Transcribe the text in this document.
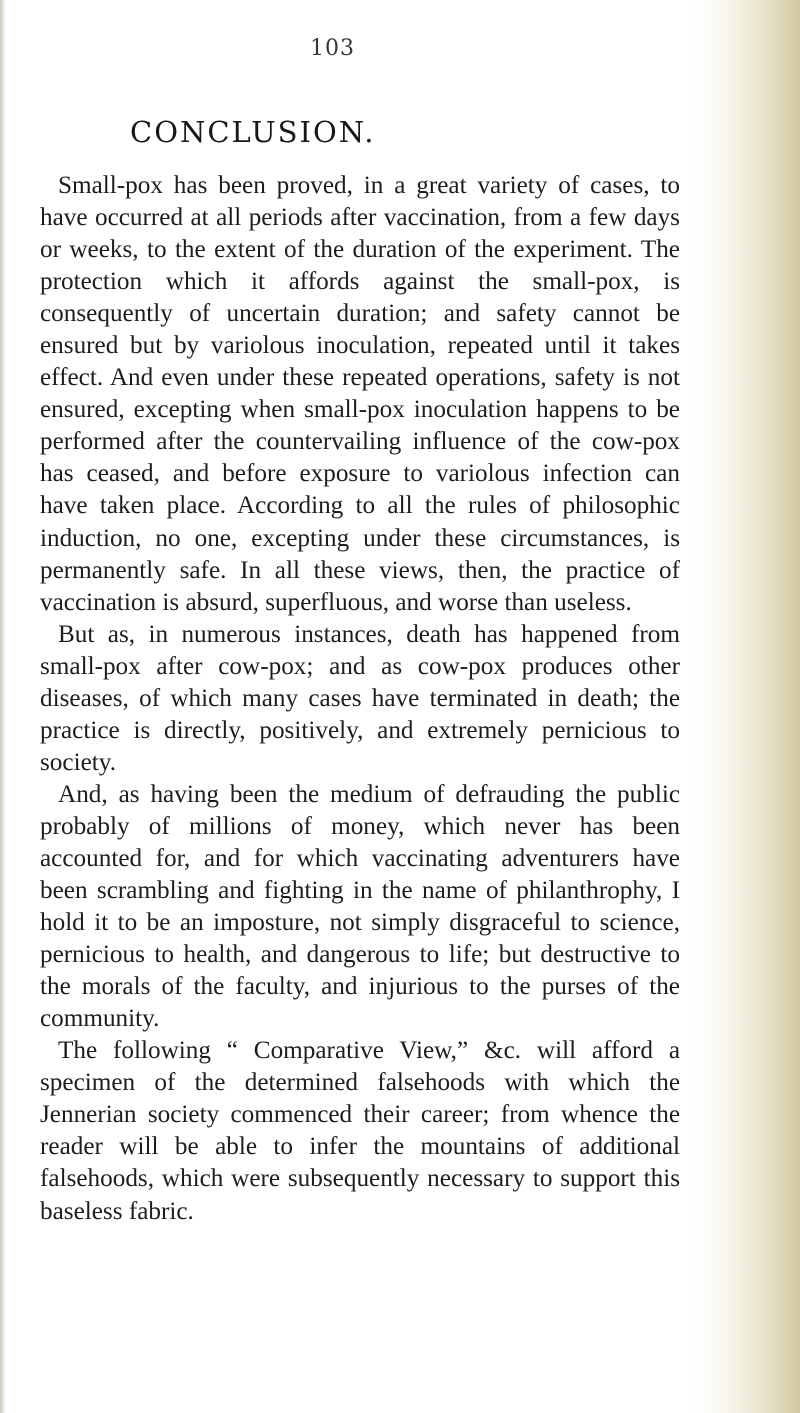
103
CONCLUSION.

Small-pox has been proved, in a great variety of cases, to have occurred at all periods after vaccination, from a few days or weeks, to the extent of the duration of the experiment. The protection which it affords against the small-pox, is consequently of uncertain duration; and safety cannot be ensured but by variolous inoculation, repeated until it takes effect. And even under these repeated operations, safety is not ensured, excepting when small-pox inoculation happens to be performed after the countervailing influence of the cow-pox has ceased, and before exposure to variolous infection can have taken place. According to all the rules of philosophic induction, no one, excepting under these circumstances, is permanently safe. In all these views, then, the practice of vaccination is absurd, superfluous, and worse than useless.

But as, in numerous instances, death has happened from small-pox after cow-pox; and as cow-pox produces other diseases, of which many cases have terminated in death; the practice is directly, positively, and extremely pernicious to society.

And, as having been the medium of defrauding the public probably of millions of money, which never has been accounted for, and for which vaccinating adventurers have been scrambling and fighting in the name of philanthrophy, I hold it to be an imposture, not simply disgraceful to science, pernicious to health, and dangerous to life; but destructive to the morals of the faculty, and injurious to the purses of the community.

The following “ Comparative View,” &c. will afford a specimen of the determined falsehoods with which the Jennerian society commenced their career; from whence the reader will be able to infer the mountains of additional falsehoods, which were subsequently necessary to support this baseless fabric.
